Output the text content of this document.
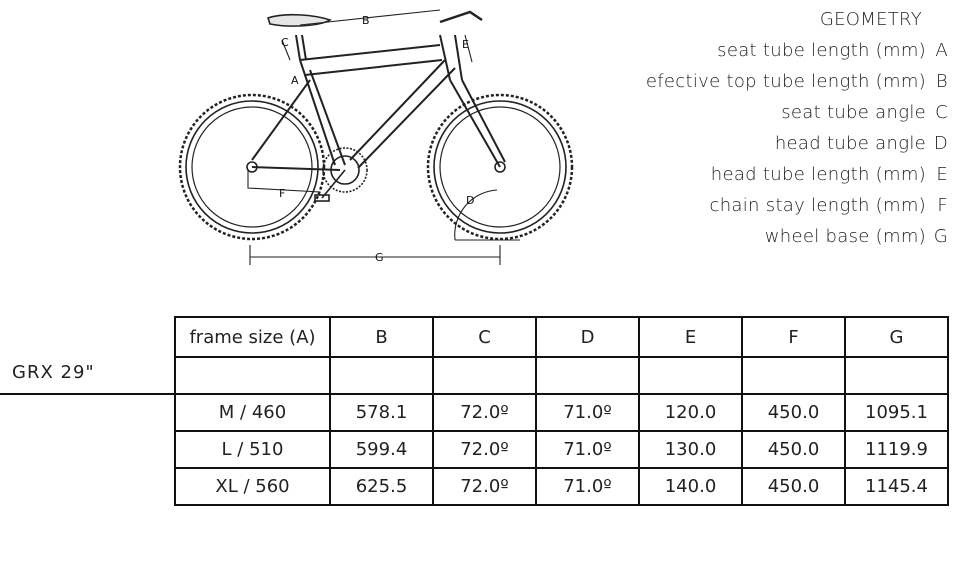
B
C	E
A
F
D
G
GEOMETRY
seat tube length (mm) A
efective top tube length (mm) B
seat tube angle C
head tube angle D
head tube length (mm) E
chain stay length (mm) F
wheel base (mm) G
GRX 29"
frame size (A)	B	C	D	E	F	G

M / 460	578.1	72.0º	71.0º	120.0	450.0	1095.1
L / 510	599.4	72.0º	71.0º	130.0	450.0	1119.9
XL / 560	625.5	72.0º	71.0º	140.0	450.0	1145.4
